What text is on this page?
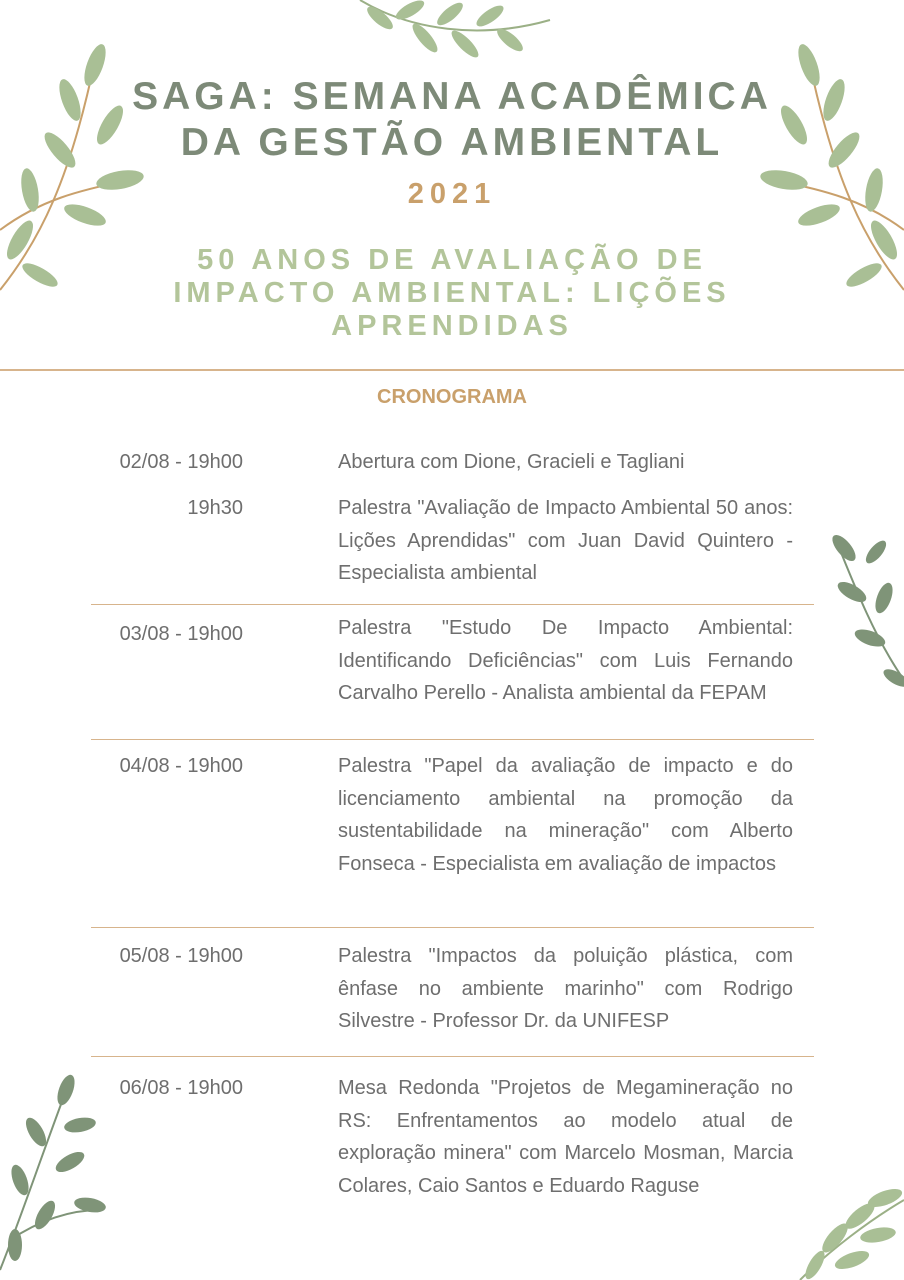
SAGA: SEMANA ACADÊMICA
DA GESTÃO AMBIENTAL
2021
50 ANOS DE AVALIAÇÃO DE
IMPACTO AMBIENTAL: LIÇÕES
APRENDIDAS
CRONOGRAMA
02/08 - 19h00	Abertura com Dione, Gracieli e Tagliani
19h30	Palestra "Avaliação de Impacto Ambiental 50 anos: Lições Aprendidas" com Juan David Quintero - Especialista ambiental
03/08 - 19h00	Palestra "Estudo De Impacto Ambiental: Identificando Deficiências" com Luis Fernando Carvalho Perello - Analista ambiental da FEPAM
04/08 - 19h00	Palestra "Papel da avaliação de impacto e do licenciamento ambiental na promoção da sustentabilidade na mineração" com Alberto Fonseca - Especialista em avaliação de impactos
05/08 - 19h00	Palestra "Impactos da poluição plástica, com ênfase no ambiente marinho" com Rodrigo Silvestre - Professor Dr. da UNIFESP
06/08 - 19h00	Mesa Redonda "Projetos de Megamineração no RS: Enfrentamentos ao modelo atual de exploração minera" com Marcelo Mosman, Marcia Colares, Caio Santos e Eduardo Raguse
